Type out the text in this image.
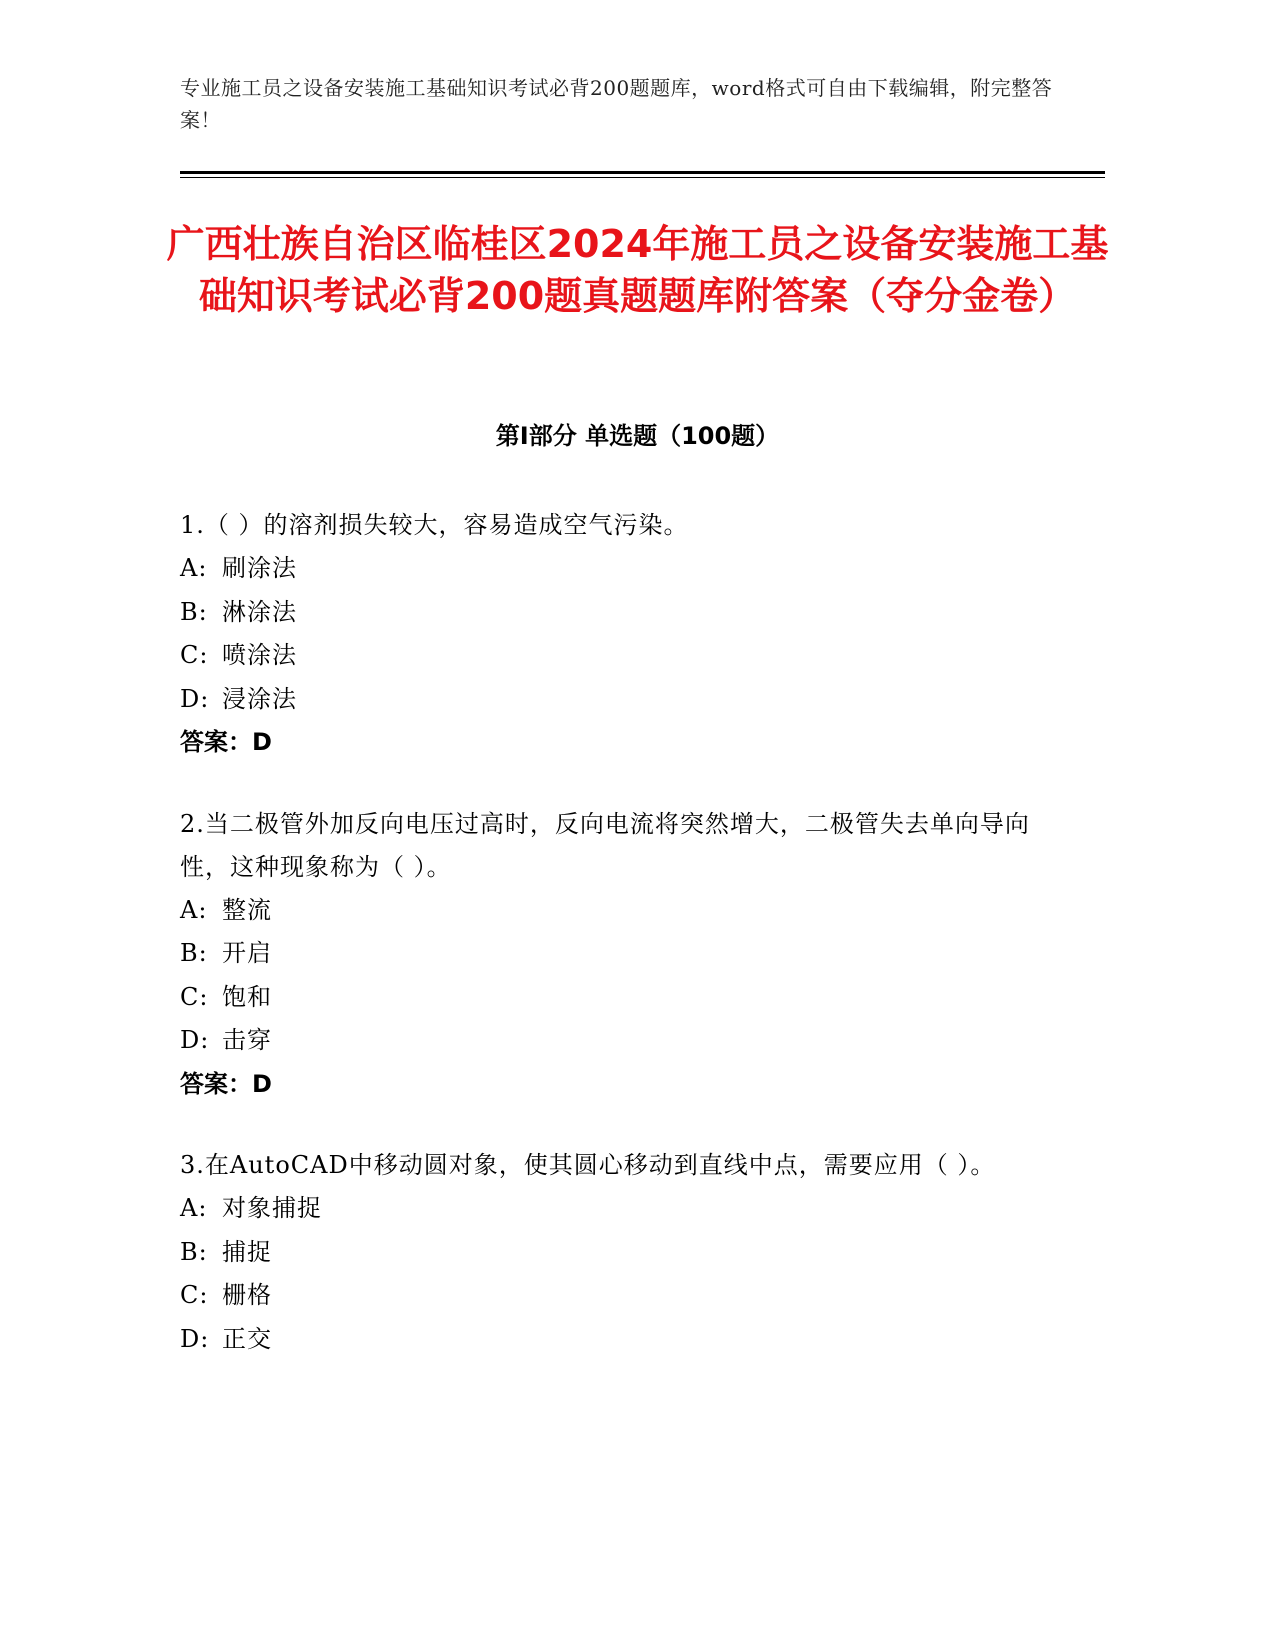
专业施工员之设备安装施工基础知识考试必背200题题库，word格式可自由下载编辑，附完整答案！
广西壮族自治区临桂区2024年施工员之设备安装施工基础知识考试必背200题真题题库附答案（夺分金卷）
第Ⅰ部分 单选题（100题）
1.（ ）的溶剂损失较大，容易造成空气污染。
A: 刷涂法
B: 淋涂法
C: 喷涂法
D: 浸涂法
答案：D
2.当二极管外加反向电压过高时，反向电流将突然增大，二极管失去单向导向性，这种现象称为（ ）。
A: 整流
B: 开启
C: 饱和
D: 击穿
答案：D
3.在AutoCAD中移动圆对象，使其圆心移动到直线中点，需要应用（ ）。
A: 对象捕捉
B: 捕捉
C: 栅格
D: 正交
